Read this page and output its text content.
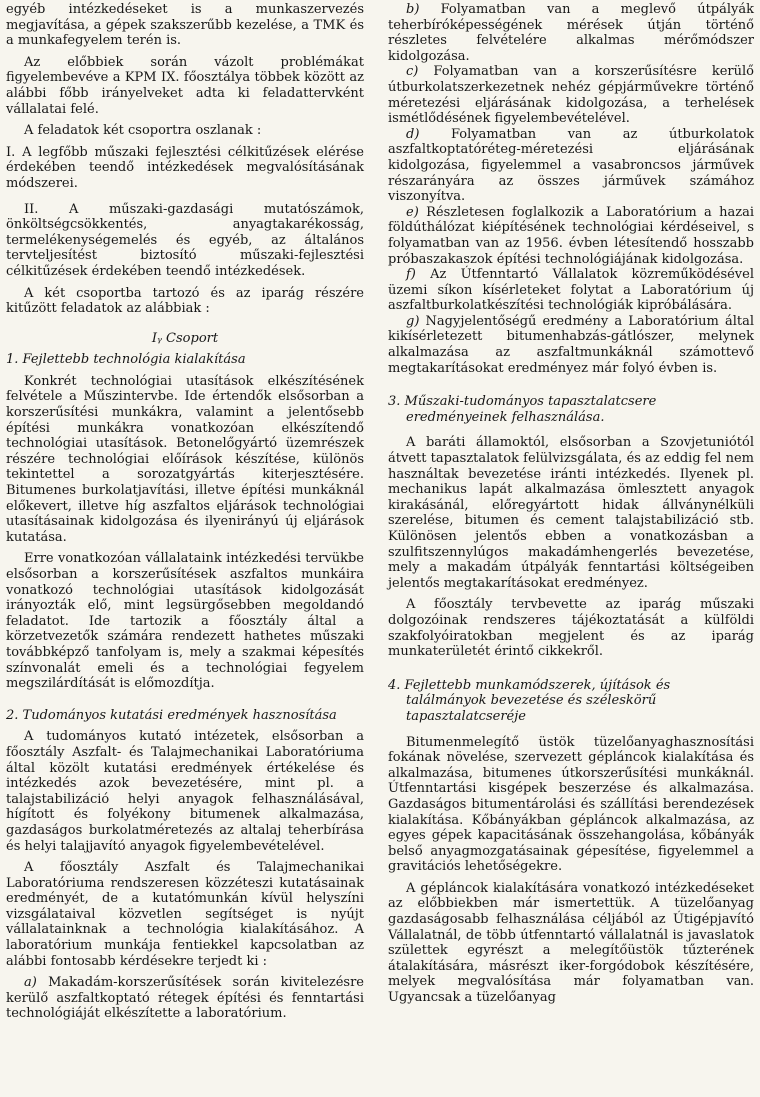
egyéb intézkedéseket is a munkaszervezés megjavítása, a gépek szakszerűbb kezelése, a TMK és a munkafegyelem terén is.

Az előbbiek során vázolt problémákat figyelembevéve a KPM IX. főosztálya többek között az alábbi főbb irányelveket adta ki feladattervként vállalatai felé.

A feladatok két csoportra oszlanak :

I. A legfőbb műszaki fejlesztési célkitűzések elérése érdekében teendő intézkedések megvalósításának módszerei.

II. A műszaki-gazdasági mutatószámok, önköltségcsökkentés, anyagtakarékosság, termelékenységemelés és egyéb, az általános tervteljesítést biztosító műszaki-fejlesztési célkitűzések érdekében teendő intézkedések.

A két csoportba tartozó és az iparág részére kitűzött feladatok az alábbiak :

Iᵧ Csoport

1. Fejlettebb technológia kialakítása

Konkrét technológiai utasítások elkészítésének felvétele a Műszintervbe. Ide értendők elsősorban a korszerűsítési munkákra, valamint a jelentősebb építési munkákra vonatkozóan elkészítendő technológiai utasítások. Betonelőgyártó üzemrészek részére technológiai előírások készítése, különös tekintettel a sorozatgyártás kiterjesztésére. Bitumenes burkolatjavítási, illetve építési munkáknál előkevert, illetve híg aszfaltos eljárások technológiai utasításainak kidolgozása és ilyenirányú új eljárások kutatása.

Erre vonatkozóan vállalataink intézkedési tervükbe elsősorban a korszerűsítések aszfaltos munkáira vonatkozó technológiai utasítások kidolgozását irányozták elő, mint legsürgősebben megoldandó feladatot. Ide tartozik a főosztály által a körzetvezetők számára rendezett hathetes műszaki továbbképző tanfolyam is, mely a szakmai képesítés színvonalát emeli és a technológiai fegyelem megszilárdítását is előmozdítja.

2. Tudományos kutatási eredmények hasznosítása

A tudományos kutató intézetek, elsősorban a főosztály Aszfalt- és Talajmechanikai Laboratóriuma által közölt kutatási eredmények értékelése és intézkedés azok bevezetésére, mint pl. a talajstabilizáció helyi anyagok felhasználásával, hígított és folyékony bitumenek alkalmazása, gazdaságos burkolatméretezés az altalaj teherbírása és helyi talajjavító anyagok figyelembevételével.

A főosztály Aszfalt és Talajmechanikai Laboratóriuma rendszeresen közzéteszi kutatásainak eredményét, de a kutatómunkán kívül helyszíni vizsgálataival közvetlen segítséget is nyújt vállalatainknak a technológia kialakításához. A laboratórium munkája fentiekkel kapcsolatban az alábbi fontosabb kérdésekre terjedt ki :

a) Makadám-korszerűsítések során kivitelezésre kerülő aszfaltkoptató rétegek építési és fenntartási technológiáját elkészítette a laboratórium.

b) Folyamatban van a meglevő útpályák teherbíróképességének mérések útján történő részletes felvételére alkalmas mérőmódszer kidolgozása.

c) Folyamatban van a korszerűsítésre kerülő útburkolatszerkezetnek nehéz gépjárművekre történő méretezési eljárásának kidolgozása, a terhelések ismétlődésének figyelembevételével.

d) Folyamatban van az útburkolatok aszfaltkoptatóréteg-méretezési eljárásának kidolgozása, figyelemmel a vasabroncsos járművek részarányára az összes járművek számához viszonyítva.

e) Részletesen foglalkozik a Laboratórium a hazai földúthálózat kiépítésének technológiai kérdéseivel, s folyamatban van az 1956. évben létesítendő hosszabb próbaszakaszok építési technológiájának kidolgozása.

f) Az Útfenntartó Vállalatok közreműködésével üzemi síkon kísérleteket folytat a Laboratórium új aszfaltburkolatkészítési technológiák kipróbálására.

g) Nagyjelentőségű eredmény a Laboratórium által kikísérletezett bitumenhabzás-gátlószer, melynek alkalmazása az aszfaltmunkáknál számottevő megtakarításokat eredményez már folyó évben is.

3. Műszaki-tudományos tapasztalatcsere eredményeinek felhasználása.

A baráti államoktól, elsősorban a Szovjetuniótól átvett tapasztalatok felülvizsgálata, és az eddig fel nem használtak bevezetése iránti intézkedés. Ilyenek pl. mechanikus lapát alkalmazása ömlesztett anyagok kirakásánál, előregyártott hidak állványnélküli szerelése, bitumen és cement talajstabilizáció stb. Különösen jelentős ebben a vonatkozásban a szulfitszennylúgos makadámhengerlés bevezetése, mely a makadám útpályák fenntartási költségeiben jelentős megtakarításokat eredményez.

A főosztály tervbevette az iparág műszaki dolgozóinak rendszeres tájékoztatását a külföldi szakfolyóiratokban megjelent és az iparág munkaterületét érintő cikkekről.

4. Fejlettebb munkamódszerek, újítások és találmányok bevezetése és széleskörű tapasztalatcseréje

Bitumenmelegítő üstök tüzelőanyaghasznosítási fokának növelése, szervezett gépláncok kialakítása és alkalmazása, bitumenes útkorszerűsítési munkáknál. Útfenntartási kisgépek beszerzése és alkalmazása. Gazdaságos bitumentárolási és szállítási berendezések kialakítása. Kőbányákban gépláncok alkalmazása, az egyes gépek kapacitásának összehangolása, kőbányák belső anyagmozgatásainak gépesítése, figyelemmel a gravitációs lehetőségekre.

A gépláncok kialakítására vonatkozó intézkedéseket az előbbiekben már ismertettük. A tüzelőanyag gazdaságosabb felhasználása céljából az Útigépjavító Vállalatnál, de több útfenntartó vállalatnál is javaslatok születtek egyrészt a melegítőüstök tűzterének átalakítására, másrészt iker-forgódobok készítésére, melyek megvalósítása már folyamatban van. Ugyancsak a tüzelőanyag
